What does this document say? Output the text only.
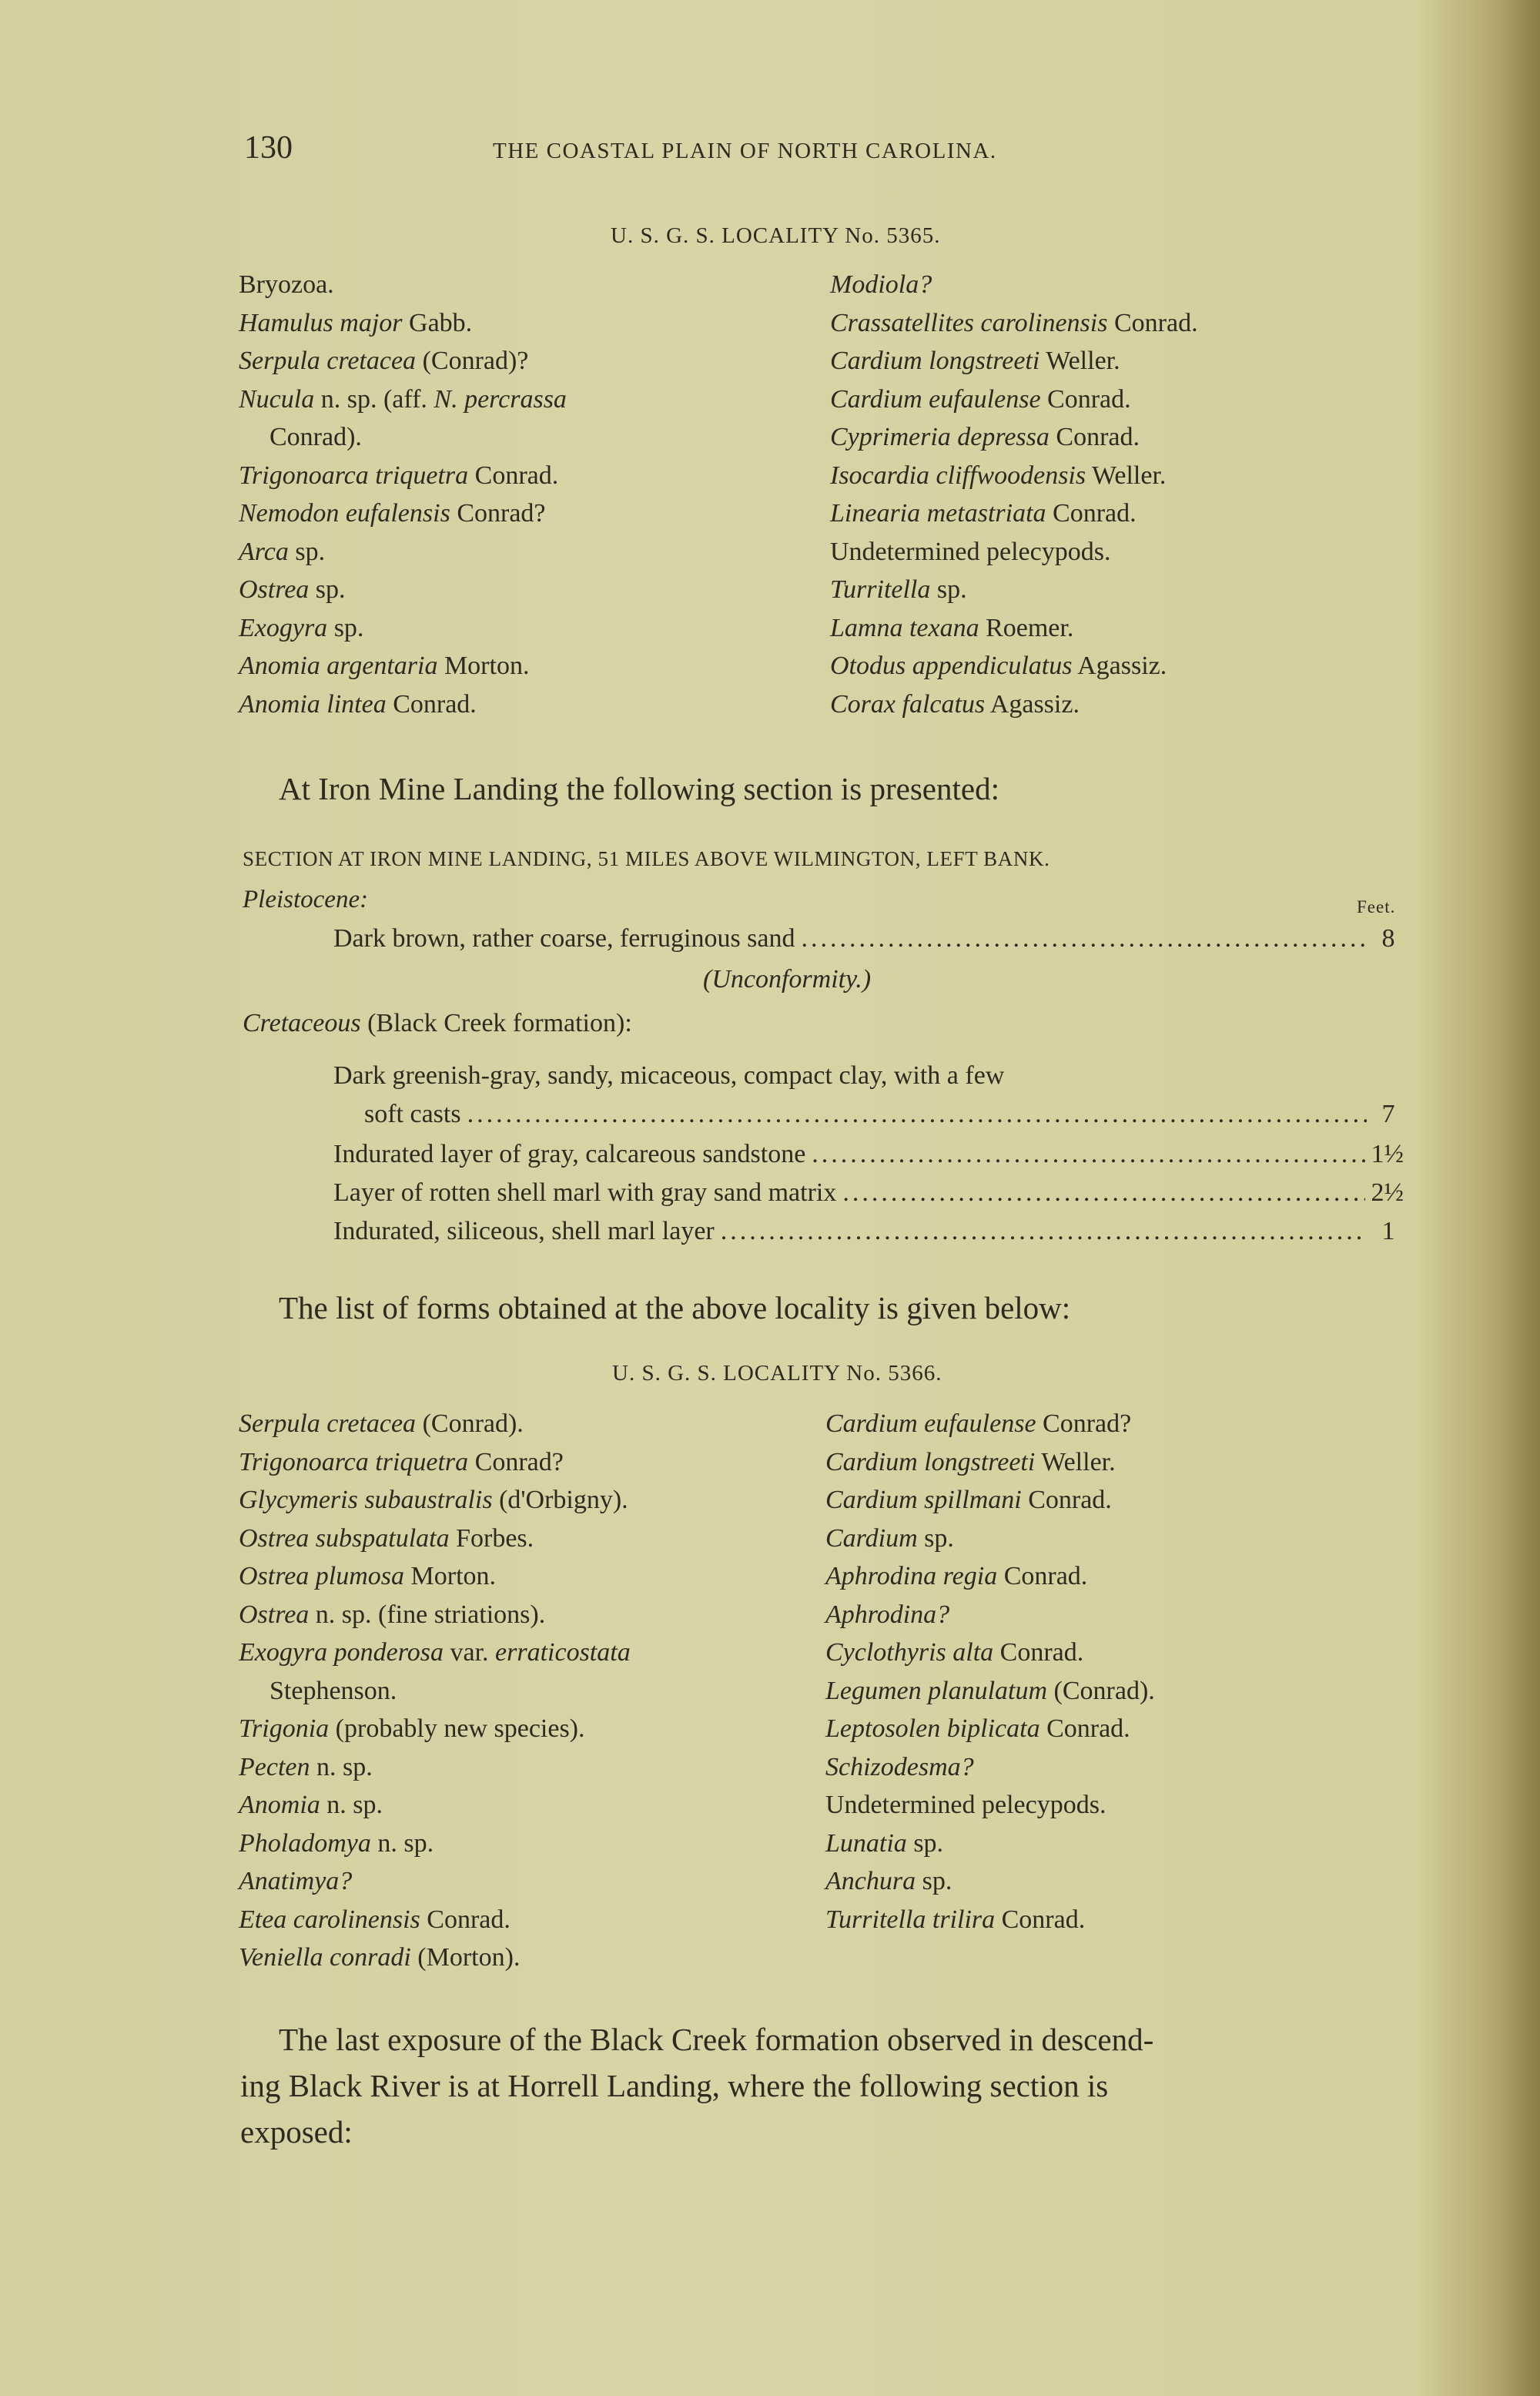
130	THE COASTAL PLAIN OF NORTH CAROLINA.
U. S. G. S. LOCALITY No. 5365.
Bryozoa.
Hamulus major Gabb.
Serpula cretacea (Conrad)?
Nucula n. sp. (aff. N. percrassa
Conrad).
Trigonoarca triquetra Conrad.
Nemodon eufalensis Conrad?
Arca sp.
Ostrea sp.
Exogyra sp.
Anomia argentaria Morton.
Anomia lintea Conrad.
Modiola?
Crassatellites carolinensis Conrad.
Cardium longstreeti Weller.
Cardium eufaulense Conrad.
Cyprimeria depressa Conrad.
Isocardia cliffwoodensis Weller.
Linearia metastriata Conrad.
Undetermined pelecypods.
Turritella sp.
Lamna texana Roemer.
Otodus appendiculatus Agassiz.
Corax falcatus Agassiz.
At Iron Mine Landing the following section is presented:
SECTION AT IRON MINE LANDING, 51 MILES ABOVE WILMINGTON, LEFT BANK.
Pleistocene:	Feet.
Dark brown, rather coarse, ferruginous sand .....	8
(Unconformity.)
Cretaceous (Black Creek formation):
Dark greenish-gray, sandy, micaceous, compact clay, with a few
soft casts .....	7
Indurated layer of gray, calcareous sandstone .....	1½
Layer of rotten shell marl with gray sand matrix .....	2½
Indurated, siliceous, shell marl layer .....	1
The list of forms obtained at the above locality is given below:
U. S. G. S. LOCALITY No. 5366.
Serpula cretacea (Conrad).
Trigonoarca triquetra Conrad?
Glycymeris subaustralis (d'Orbigny).
Ostrea subspatulata Forbes.
Ostrea plumosa Morton.
Ostrea n. sp. (fine striations).
Exogyra ponderosa var. erraticostata
Stephenson.
Trigonia (probably new species).
Pecten n. sp.
Anomia n. sp.
Pholadomya n. sp.
Anatimya?
Etea carolinensis Conrad.
Veniella conradi (Morton).
Cardium eufaulense Conrad?
Cardium longstreeti Weller.
Cardium spillmani Conrad.
Cardium sp.
Aphrodina regia Conrad.
Aphrodina?
Cyclothyris alta Conrad.
Legumen planulatum (Conrad).
Leptosolen biplicata Conrad.
Schizodesma?
Undetermined pelecypods.
Lunatia sp.
Anchura sp.
Turritella trilira Conrad.
The last exposure of the Black Creek formation observed in descend-
ing Black River is at Horrell Landing, where the following section is
exposed:
